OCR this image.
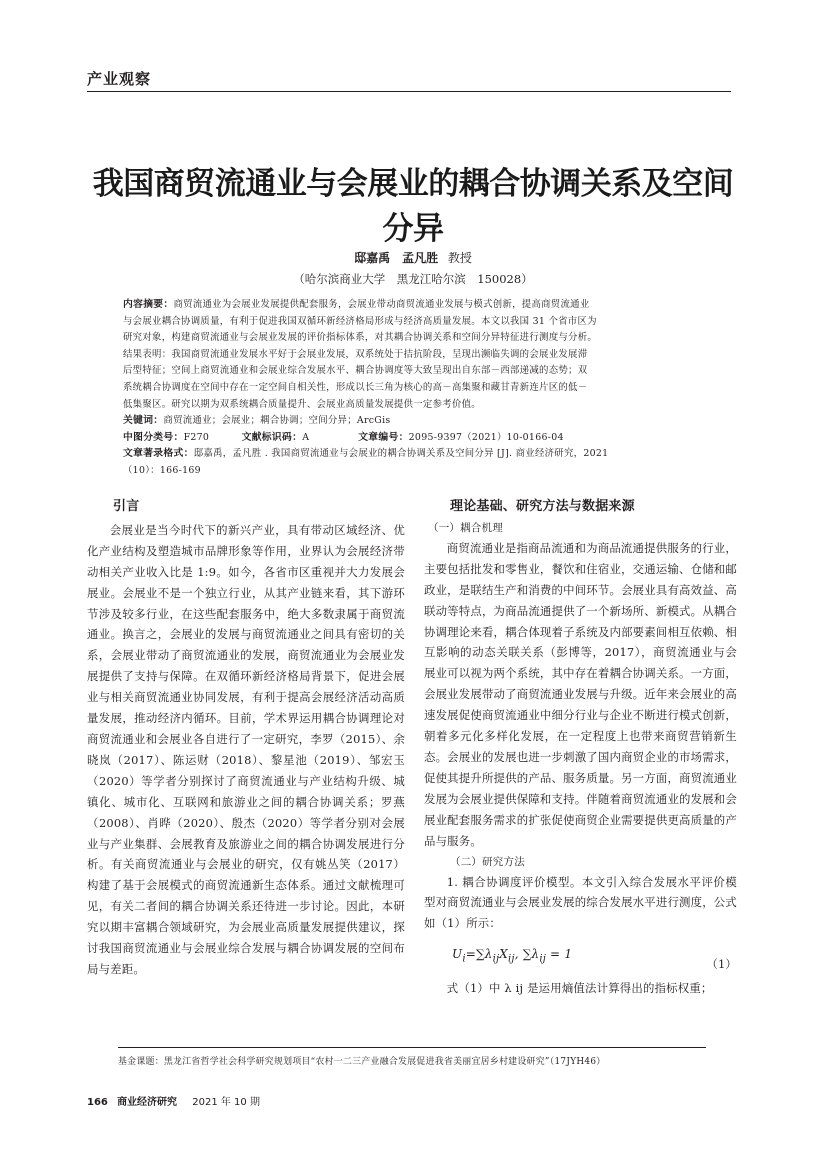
产业观察
我国商贸流通业与会展业的耦合协调关系及空间分异
邸嘉禹　孟凡胜 教授
（哈尔滨商业大学　黑龙江哈尔滨　150028）
内容摘要：商贸流通业为会展业发展提供配套服务，会展业带动商贸流通业发展与模式创新，提高商贸流通业
与会展业耦合协调质量，有利于促进我国双循环新经济格局形成与经济高质量发展。本文以我国 31 个省市区为
研究对象，构建商贸流通业与会展业发展的评价指标体系，对其耦合协调关系和空间分异特征进行测度与分析。
结果表明：我国商贸流通业发展水平好于会展业发展，双系统处于拮抗阶段，呈现出濒临失调的会展业发展滞
后型特征；空间上商贸流通业和会展业综合发展水平、耦合协调度等大致呈现出自东部－西部递减的态势；双
系统耦合协调度在空间中存在一定空间自相关性，形成以长三角为核心的高－高集聚和藏甘青新连片区的低－
低集聚区。研究以期为双系统耦合质量提升、会展业高质量发展提供一定参考价值。
关键词：商贸流通业；会展业；耦合协调；空间分异；ArcGis
中图分类号：F270	文献标识码：A	文章编号：2095-9397（2021）10-0166-04
文章著录格式：邸嘉禹，孟凡胜 . 我国商贸流通业与会展业的耦合协调关系及空间分异 [J]. 商业经济研究，2021
（10）：166-169
引言

会展业是当今时代下的新兴产业，具有带动区域经济、优化产业结构及塑造城市品牌形象等作用，业界认为会展经济带动相关产业收入比是 1:9。如今，各省市区重视并大力发展会展业。会展业不是一个独立行业，从其产业链来看，其下游环节涉及较多行业，在这些配套服务中，绝大多数隶属于商贸流通业。换言之，会展业的发展与商贸流通业之间具有密切的关系，会展业带动了商贸流通业的发展，商贸流通业为会展业发展提供了支持与保障。在双循环新经济格局背景下，促进会展业与相关商贸流通业协同发展，有利于提高会展经济活动高质量发展，推动经济内循环。目前，学术界运用耦合协调理论对商贸流通业和会展业各自进行了一定研究，李罗（2015）、余晓岚（2017）、陈运财（2018）、黎星池（2019）、邹宏玉（2020）等学者分别探讨了商贸流通业与产业结构升级、城镇化、城市化、互联网和旅游业之间的耦合协调关系；罗燕（2008）、肖晔（2020）、殷杰（2020）等学者分别对会展业与产业集群、会展教育及旅游业之间的耦合协调发展进行分析。有关商贸流通业与会展业的研究，仅有姚丛笑（2017）构建了基于会展模式的商贸流通新生态体系。通过文献梳理可见，有关二者间的耦合协调关系还待进一步讨论。因此，本研究以期丰富耦合领域研究，为会展业高质量发展提供建议，探讨我国商贸流通业与会展业综合发展与耦合协调发展的空间布局与差距。

理论基础、研究方法与数据来源
（一）耦合机理

商贸流通业是指商品流通和为商品流通提供服务的行业，主要包括批发和零售业，餐饮和住宿业，交通运输、仓储和邮政业，是联结生产和消费的中间环节。会展业具有高效益、高联动等特点，为商品流通提供了一个新场所、新模式。从耦合协调理论来看，耦合体现着子系统及内部要素间相互依赖、相互影响的动态关联关系（彭博等，2017），商贸流通业与会展业可以视为两个系统，其中存在着耦合协调关系。一方面，会展业发展带动了商贸流通业发展与升级。近年来会展业的高速发展促使商贸流通业中细分行业与企业不断进行模式创新，朝着多元化多样化发展，在一定程度上也带来商贸营销新生态。会展业的发展也进一步刺激了国内商贸企业的市场需求，促使其提升所提供的产品、服务质量。另一方面，商贸流通业发展为会展业提供保障和支持。伴随着商贸流通业的发展和会展业配套服务需求的扩张促使商贸企业需要提供更高质量的产品与服务。

（二）研究方法

1. 耦合协调度评价模型。本文引入综合发展水平评价模型对商贸流通业与会展业发展的综合发展水平进行测度，公式如（1）所示：

$U_i=\sum\lambda_{ij}X_{ij}$, $\sum\lambda_{ij} = 1$
（1）

式（1）中 λ ij 是运用熵值法计算得出的指标权重；

基金课题：黑龙江省哲学社会科学研究规划项目“农村一二三产业融合发展促进我省美丽宜居乡村建设研究”（17JYH46）
166 商业经济研究 2021 年 10 期
